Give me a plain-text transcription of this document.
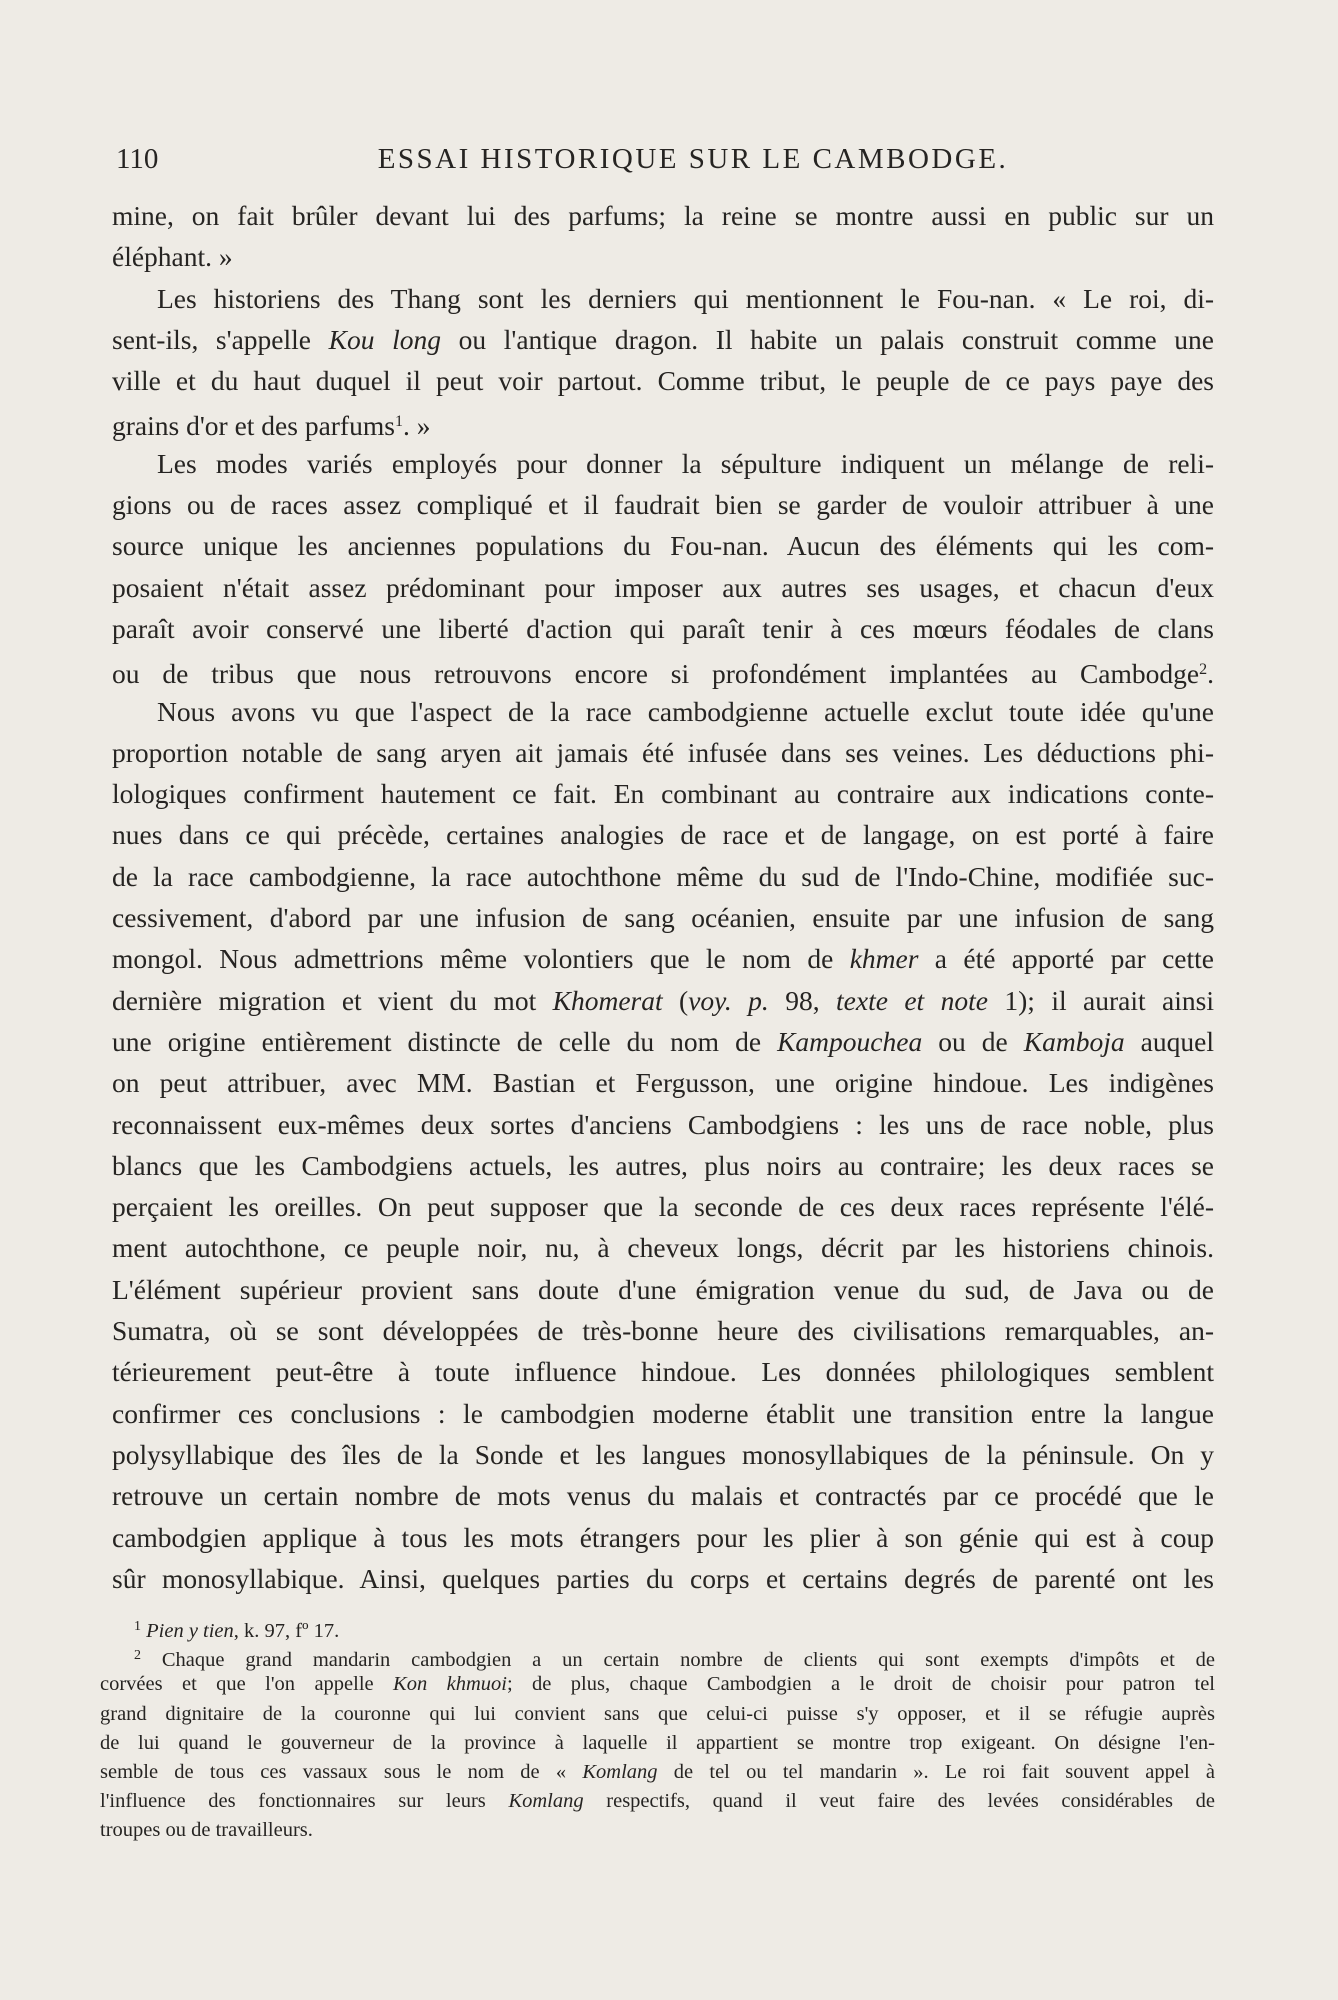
110	ESSAI HISTORIQUE SUR LE CAMBODGE.
mine, on fait brûler devant lui des parfums; la reine se montre aussi en public sur un
éléphant. »
Les historiens des Thang sont les derniers qui mentionnent le Fou-nan. « Le roi, di-
sent-ils, s'appelle Kou long ou l'antique dragon. Il habite un palais construit comme une
ville et du haut duquel il peut voir partout. Comme tribut, le peuple de ce pays paye des
grains d'or et des parfums$^1$. »
Les modes variés employés pour donner la sépulture indiquent un mélange de reli-
gions ou de races assez compliqué et il faudrait bien se garder de vouloir attribuer à une
source unique les anciennes populations du Fou-nan. Aucun des éléments qui les com-
posaient n'était assez prédominant pour imposer aux autres ses usages, et chacun d'eux
paraît avoir conservé une liberté d'action qui paraît tenir à ces mœurs féodales de clans
ou de tribus que nous retrouvons encore si profondément implantées au Cambodge$^2$.
Nous avons vu que l'aspect de la race cambodgienne actuelle exclut toute idée qu'une
proportion notable de sang aryen ait jamais été infusée dans ses veines. Les déductions phi-
lologiques confirment hautement ce fait. En combinant au contraire aux indications conte-
nues dans ce qui précède, certaines analogies de race et de langage, on est porté à faire
de la race cambodgienne, la race autochthone même du sud de l'Indo-Chine, modifiée suc-
cessivement, d'abord par une infusion de sang océanien, ensuite par une infusion de sang
mongol. Nous admettrions même volontiers que le nom de khmer a été apporté par cette
dernière migration et vient du mot Khomerat (voy. p. 98, texte et note 1); il aurait ainsi
une origine entièrement distincte de celle du nom de Kampouchea ou de Kamboja auquel
on peut attribuer, avec MM. Bastian et Fergusson, une origine hindoue. Les indigènes
reconnaissent eux-mêmes deux sortes d'anciens Cambodgiens : les uns de race noble, plus
blancs que les Cambodgiens actuels, les autres, plus noirs au contraire; les deux races se
perçaient les oreilles. On peut supposer que la seconde de ces deux races représente l'élé-
ment autochthone, ce peuple noir, nu, à cheveux longs, décrit par les historiens chinois.
L'élément supérieur provient sans doute d'une émigration venue du sud, de Java ou de
Sumatra, où se sont développées de très-bonne heure des civilisations remarquables, an-
térieurement peut-être à toute influence hindoue. Les données philologiques semblent
confirmer ces conclusions : le cambodgien moderne établit une transition entre la langue
polysyllabique des îles de la Sonde et les langues monosyllabiques de la péninsule. On y
retrouve un certain nombre de mots venus du malais et contractés par ce procédé que le
cambodgien applique à tous les mots étrangers pour les plier à son génie qui est à coup
sûr monosyllabique. Ainsi, quelques parties du corps et certains degrés de parenté ont les
$^1$ Pien y tien, k. 97, fº 17.
$^2$ Chaque grand mandarin cambodgien a un certain nombre de clients qui sont exempts d'impôts et de
corvées et que l'on appelle Kon khmuoi; de plus, chaque Cambodgien a le droit de choisir pour patron tel
grand dignitaire de la couronne qui lui convient sans que celui-ci puisse s'y opposer, et il se réfugie auprès
de lui quand le gouverneur de la province à laquelle il appartient se montre trop exigeant. On désigne l'en-
semble de tous ces vassaux sous le nom de « Komlang de tel ou tel mandarin ». Le roi fait souvent appel à
l'influence des fonctionnaires sur leurs Komlang respectifs, quand il veut faire des levées considérables de
troupes ou de travailleurs.
